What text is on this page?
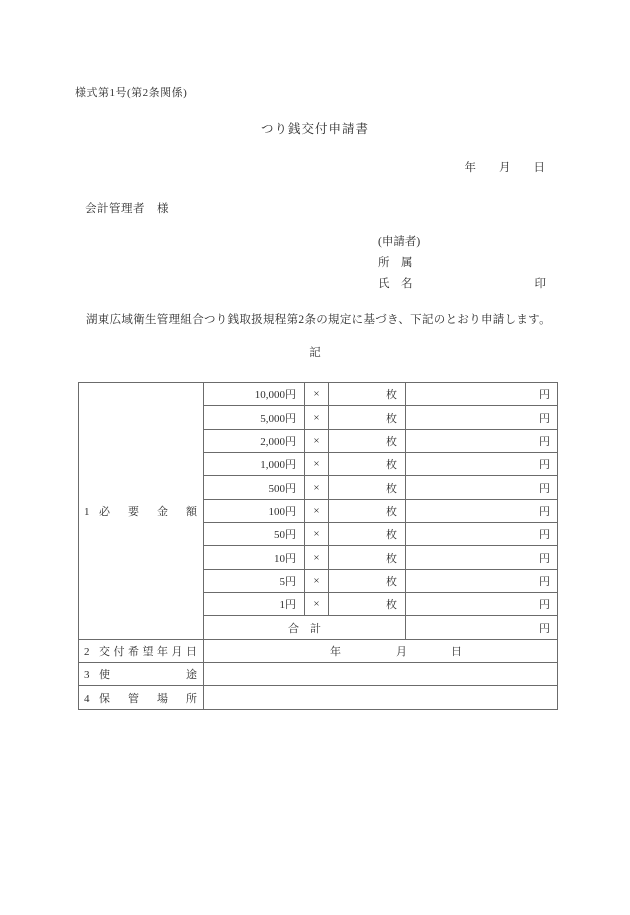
様式第1号(第2条関係)
つり銭交付申請書
年　　月　　日
会計管理者　様
(申請者)
所　属
氏　名	印
湖東広域衛生管理組合つり銭取扱規程第2条の規定に基づき、下記のとおり申請します。
記
1 必要金額	10,000円	×	枚	円
	5,000円	×	枚	円
	2,000円	×	枚	円
	1,000円	×	枚	円
	500円	×	枚	円
	100円	×	枚	円
	50円	×	枚	円
	10円	×	枚	円
	5円	×	枚	円
	1円	×	枚	円
	合　計			円

2 交付希望年月日	年　　　　　月　　　　日			

3 使途				

4 保管場所				
